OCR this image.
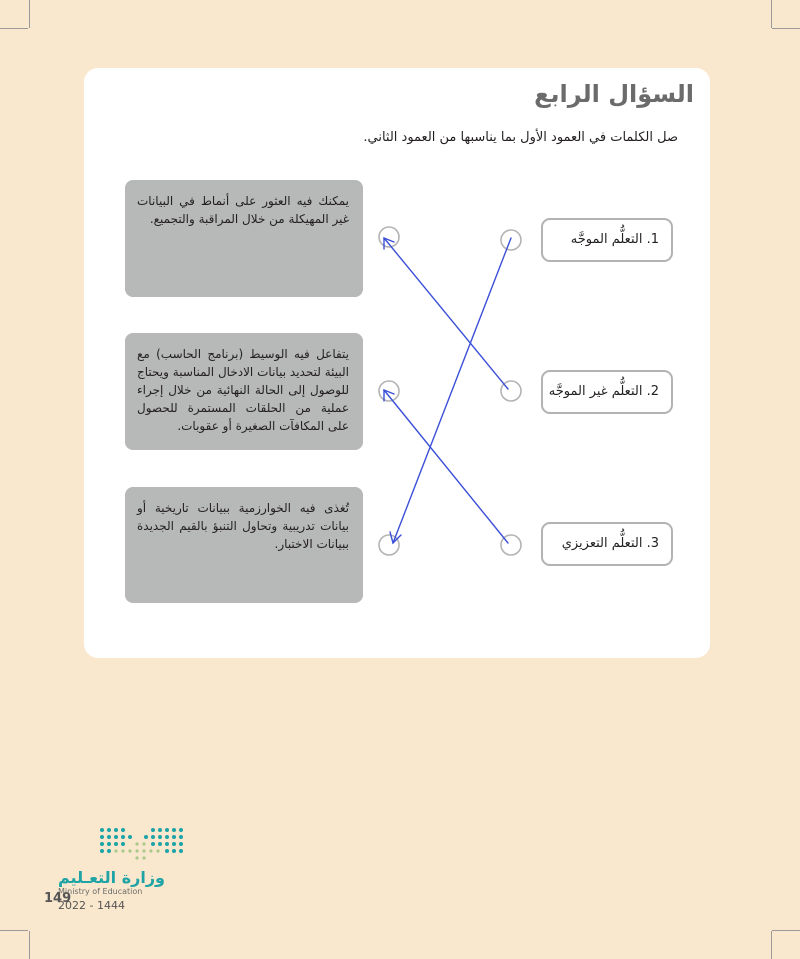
السؤال الرابع
صل الكلمات في العمود الأول بما يناسبها من العمود الثاني.
يمكنك فيه العثور على أنماط في البيانات غير المهيكلة من خلال المراقبة والتجميع.
يتفاعل فيه الوسيط (برنامج الحاسب) مع البيئة لتحديد بيانات الادخال المناسبة ويحتاج للوصول إلى الحالة النهائية من خلال إجراء عملية من الحلقات المستمرة للحصول على المكافآت الصغيرة أو عقوبات.
تُغذى فيه الخوارزمية ببيانات تاريخية أو بيانات تدريبية وتحاول التنبؤ بالقيم الجديدة ببيانات الاختبار.
1. التعلُّم الموجَّه
2. التعلُّم غير الموجَّه
3. التعلُّم التعزيزي
وزارة التعـليم
Ministry of Education
2022 - 1444
149
